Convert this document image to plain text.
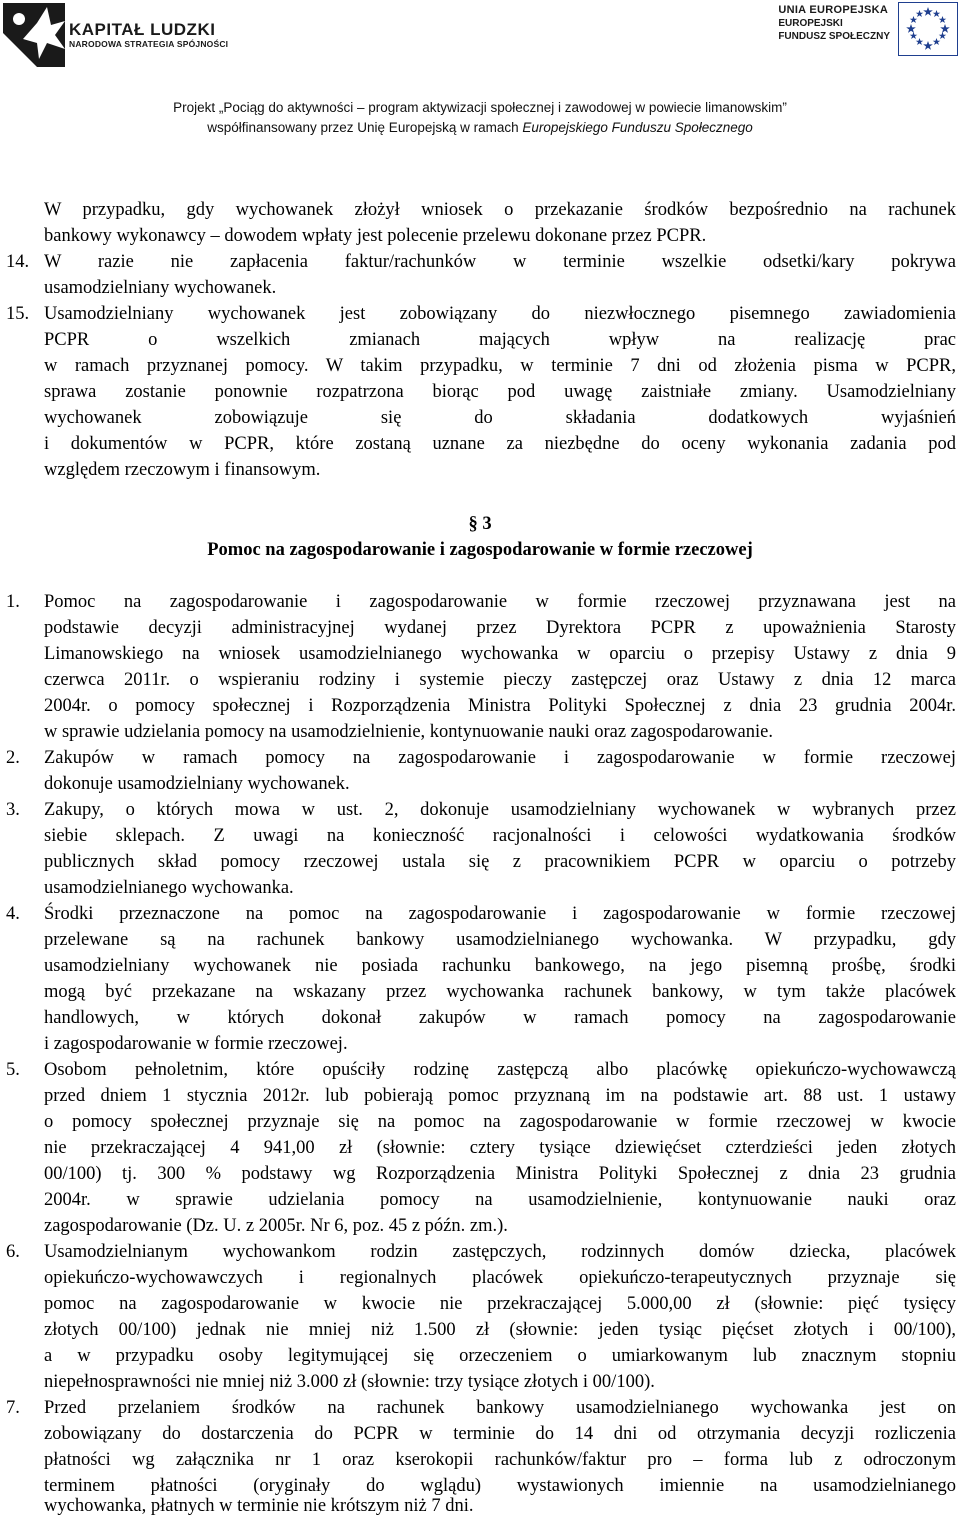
KAPITAŁ LUDZKI
NARODOWA STRATEGIA SPÓJNOŚCI
UNIA EUROPEJSKA
EUROPEJSKI
FUNDUSZ SPOŁECZNY
Projekt „Pociąg do aktywności – program aktywizacji społecznej i zawodowej w powiecie limanowskim”
współfinansowany przez Unię Europejską w ramach Europejskiego Funduszu Społecznego
W przypadku, gdy wychowanek złożył wniosek o przekazanie środków bezpośrednio na rachunek
bankowy wykonawcy – dowodem wpłaty jest polecenie przelewu dokonane przez PCPR.
14. W razie nie zapłacenia faktur/rachunków w terminie wszelkie odsetki/kary pokrywa
usamodzielniany wychowanek.
15. Usamodzielniany wychowanek jest zobowiązany do niezwłocznego pisemnego zawiadomienia
PCPR o wszelkich zmianach mających wpływ na realizację prac
w ramach przyznanej pomocy. W takim przypadku, w terminie 7 dni od złożenia pisma w PCPR,
sprawa zostanie ponownie rozpatrzona biorąc pod uwagę zaistniałe zmiany. Usamodzielniany
wychowanek zobowiązuje się do składania dodatkowych wyjaśnień
i dokumentów w PCPR, które zostaną uznane za niezbędne do oceny wykonania zadania pod
względem rzeczowym i finansowym.
§ 3
Pomoc na zagospodarowanie i zagospodarowanie w formie rzeczowej
1. Pomoc na zagospodarowanie i zagospodarowanie w formie rzeczowej przyznawana jest na
podstawie decyzji administracyjnej wydanej przez Dyrektora PCPR z upoważnienia Starosty
Limanowskiego na wniosek usamodzielnianego wychowanka w oparciu o przepisy Ustawy z dnia 9
czerwca 2011r. o wspieraniu rodziny i systemie pieczy zastępczej oraz Ustawy z dnia 12 marca
2004r. o pomocy społecznej i Rozporządzenia Ministra Polityki Społecznej z dnia 23 grudnia 2004r.
w sprawie udzielania pomocy na usamodzielnienie, kontynuowanie nauki oraz zagospodarowanie.
2. Zakupów w ramach pomocy na zagospodarowanie i zagospodarowanie w formie rzeczowej
dokonuje usamodzielniany wychowanek.
3. Zakupy, o których mowa w ust. 2, dokonuje usamodzielniany wychowanek w wybranych przez
siebie sklepach. Z uwagi na konieczność racjonalności i celowości wydatkowania środków
publicznych skład pomocy rzeczowej ustala się z pracownikiem PCPR w oparciu o potrzeby
usamodzielnianego wychowanka.
4. Środki przeznaczone na pomoc na zagospodarowanie i zagospodarowanie w formie rzeczowej
przelewane są na rachunek bankowy usamodzielnianego wychowanka. W przypadku, gdy
usamodzielniany wychowanek nie posiada rachunku bankowego, na jego pisemną prośbę, środki
mogą być przekazane na wskazany przez wychowanka rachunek bankowy, w tym także placówek
handlowych, w których dokonał zakupów w ramach pomocy na zagospodarowanie
i zagospodarowanie w formie rzeczowej.
5. Osobom pełnoletnim, które opuściły rodzinę zastępczą albo placówkę opiekuńczo-wychowawczą
przed dniem 1 stycznia 2012r. lub pobierają pomoc przyznaną im na podstawie art. 88 ust. 1 ustawy
o pomocy społecznej przyznaje się na pomoc na zagospodarowanie w formie rzeczowej w kwocie
nie przekraczającej 4 941,00 zł (słownie: cztery tysiące dziewięćset czterdzieści jeden złotych
00/100) tj. 300 % podstawy wg Rozporządzenia Ministra Polityki Społecznej z dnia 23 grudnia
2004r. w sprawie udzielania pomocy na usamodzielnienie, kontynuowanie nauki oraz
zagospodarowanie (Dz. U. z 2005r. Nr 6, poz. 45 z późn. zm.).
6. Usamodzielnianym wychowankom rodzin zastępczych, rodzinnych domów dziecka, placówek
opiekuńczo-wychowawczych i regionalnych placówek opiekuńczo-terapeutycznych przyznaje się
pomoc na zagospodarowanie w kwocie nie przekraczającej 5.000,00 zł (słownie: pięć tysięcy
złotych 00/100) jednak nie mniej niż 1.500 zł (słownie: jeden tysiąc pięćset złotych i 00/100),
a w przypadku osoby legitymującej się orzeczeniem o umiarkowanym lub znacznym stopniu
niepełnosprawności nie mniej niż 3.000 zł (słownie: trzy tysiące złotych i 00/100).
7. Przed przelaniem środków na rachunek bankowy usamodzielnianego wychowanka jest on
zobowiązany do dostarczenia do PCPR w terminie do 14 dni od otrzymania decyzji rozliczenia
płatności wg załącznika nr 1 oraz kserokopii rachunków/faktur pro – forma lub z odroczonym
terminem płatności (oryginały do wglądu) wystawionych imiennie na usamodzielnianego
wychowanka, płatnych w terminie nie krótszym niż 7 dni.
